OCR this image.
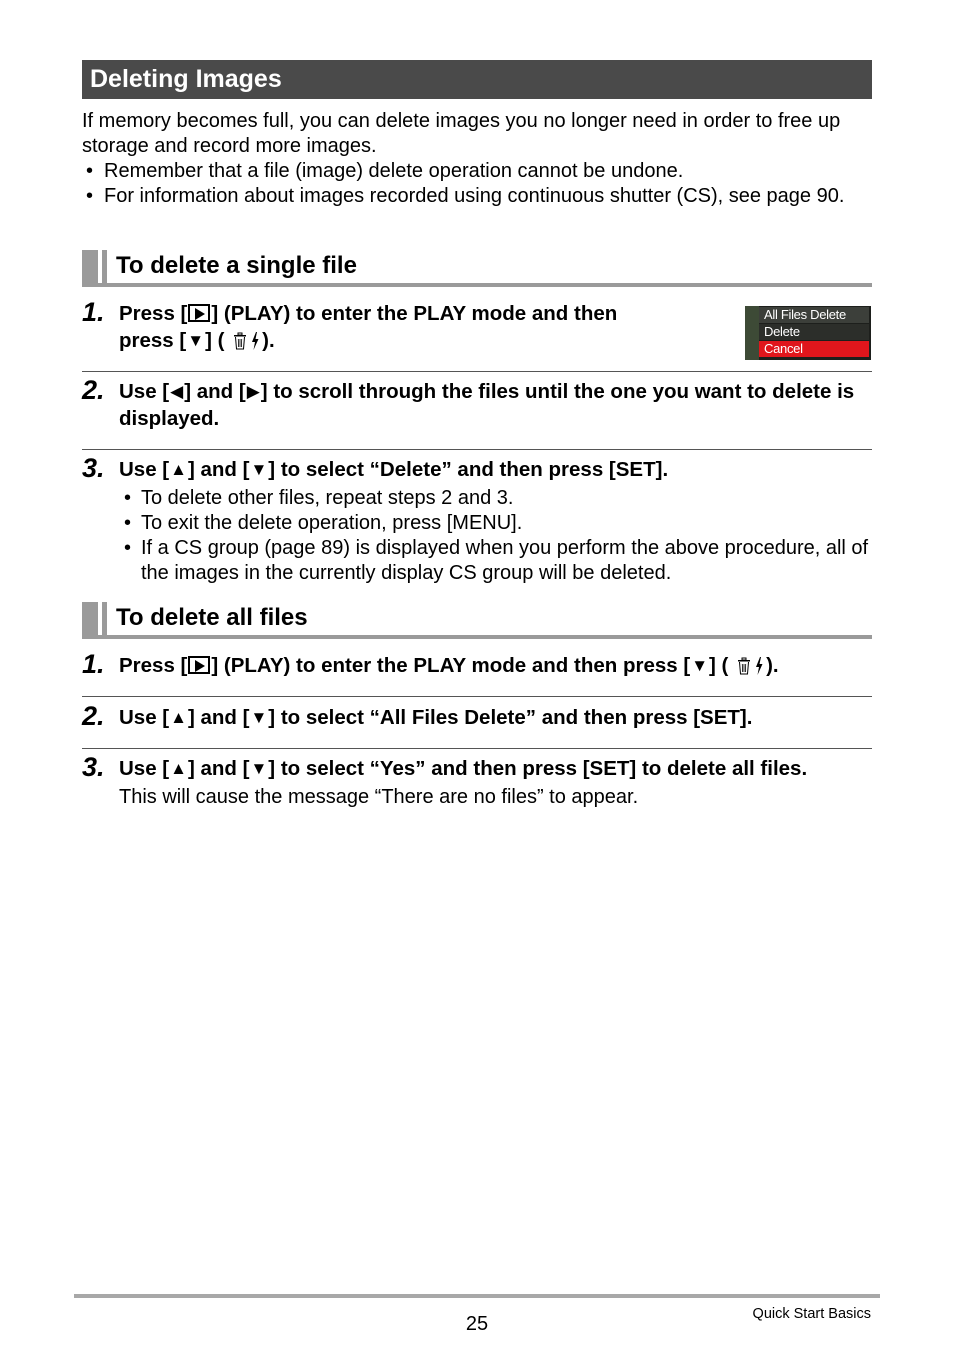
Deleting Images

If memory becomes full, you can delete images you no longer need in order to free up storage and record more images.

• Remember that a file (image) delete operation cannot be undone.
• For information about images recorded using continuous shutter (CS), see page 90.
To delete a single file
1. Press [ ] (PLAY) to enter the PLAY mode and then
press [▼] ( ).
All Files Delete
Delete
Cancel
2. Use [◀] and [▶] to scroll through the files until the one you want to delete is displayed.
3. Use [▲] and [▼] to select “Delete” and then press [SET].
• To delete other files, repeat steps 2 and 3.
• To exit the delete operation, press [MENU].
• If a CS group (page 89) is displayed when you perform the above procedure, all of the images in the currently display CS group will be deleted.
To delete all files
1. Press [ ] (PLAY) to enter the PLAY mode and then press [▼] ( ).
2. Use [▲] and [▼] to select “All Files Delete” and then press [SET].
3. Use [▲] and [▼] to select “Yes” and then press [SET] to delete all files.
This will cause the message “There are no files” to appear.
25	Quick Start Basics
